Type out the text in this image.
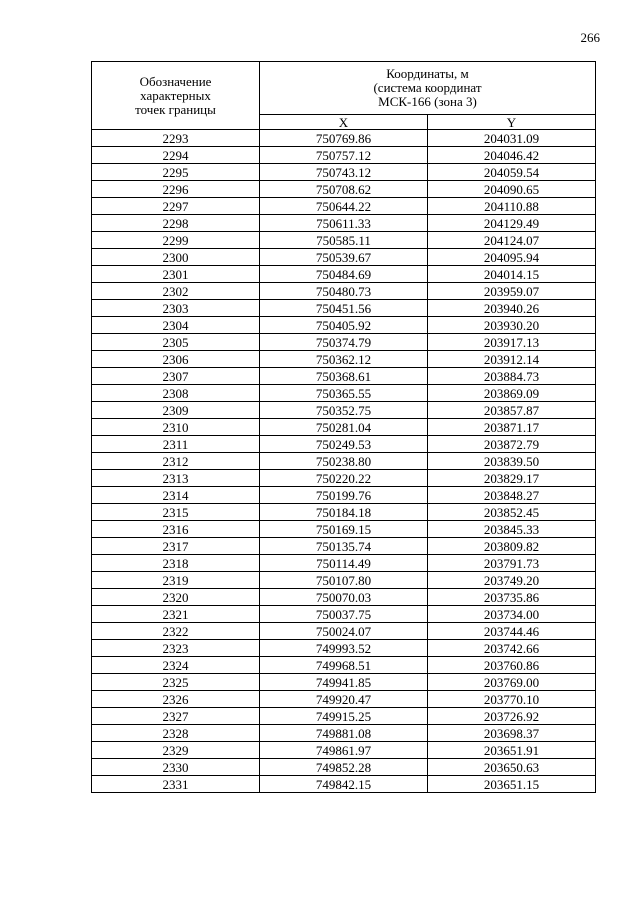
266
Обозначение
характерных
точек границы	Координаты, м
(система координат
МСК-166 (зона 3)	
	X	Y
2293	750769.86	204031.09
2294	750757.12	204046.42
2295	750743.12	204059.54
2296	750708.62	204090.65
2297	750644.22	204110.88
2298	750611.33	204129.49
2299	750585.11	204124.07
2300	750539.67	204095.94
2301	750484.69	204014.15
2302	750480.73	203959.07
2303	750451.56	203940.26
2304	750405.92	203930.20
2305	750374.79	203917.13
2306	750362.12	203912.14
2307	750368.61	203884.73
2308	750365.55	203869.09
2309	750352.75	203857.87
2310	750281.04	203871.17
2311	750249.53	203872.79
2312	750238.80	203839.50
2313	750220.22	203829.17
2314	750199.76	203848.27
2315	750184.18	203852.45
2316	750169.15	203845.33
2317	750135.74	203809.82
2318	750114.49	203791.73
2319	750107.80	203749.20
2320	750070.03	203735.86
2321	750037.75	203734.00
2322	750024.07	203744.46
2323	749993.52	203742.66
2324	749968.51	203760.86
2325	749941.85	203769.00
2326	749920.47	203770.10
2327	749915.25	203726.92
2328	749881.08	203698.37
2329	749861.97	203651.91
2330	749852.28	203650.63
2331	749842.15	203651.15
